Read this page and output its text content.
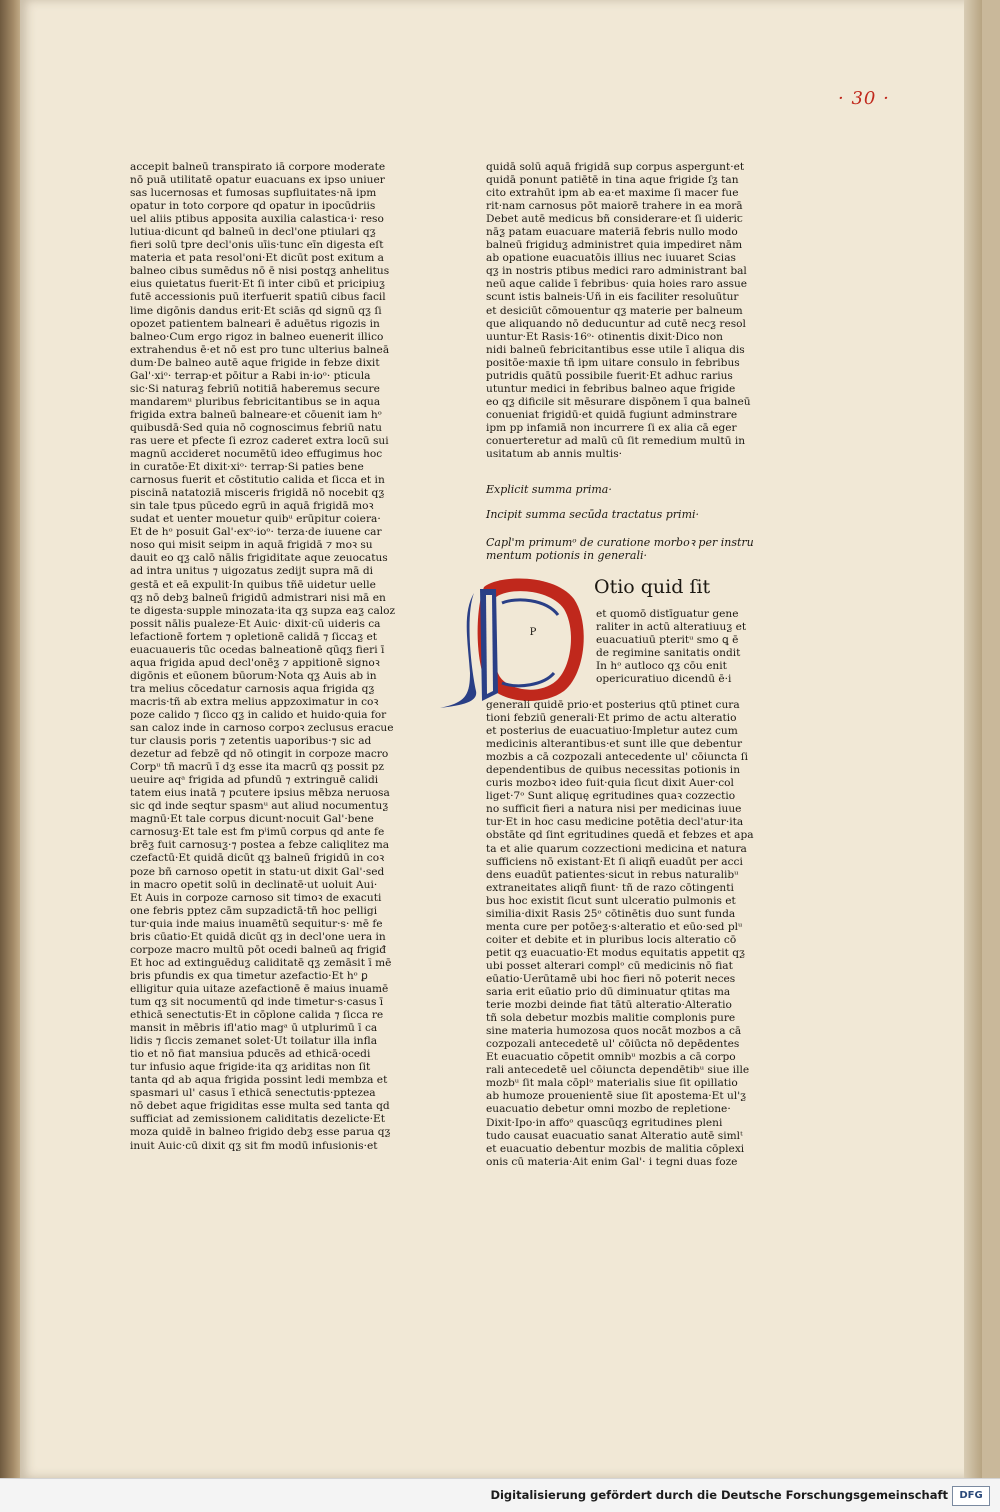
· 30 ·
accepit balneū transpirato iā corpore moderate
nō puā utilitatē opatur euacuans ex ipso uniuer
sas lucernosas et fumosas supfluitates·nā ipm
opatur in toto corpore qd opatur in ipocūdriis
uel aliis ptibus apposita auxilia calastica·i· reso
lutiua·dicunt qd balneū in decl'one ptiulari qƺ
fieri solū tpre decl'onis uīis·tunc eīn digesta eſt
materia et pata resol'oni·Et dicūt post exitum a
balneo cibus sumēdus nō ē nisi postqƺ anhelitus
eius quietatus fuerit·Et ſi inter cibū et pricipiuƺ
futē accessionis puū iterfuerit spatiū cibus facil
lime digōnis dandus erit·Et sciās qd signū qƺ ſi
opozet patientem balneari ē aduētus rigozis in
balneo·Cum ergo rigoz in balneo euenerit illico
extrahendus ē·et nō est pro tunc ulterius balneā
dum·De balneo autē aque frigide in febze dixit
Gal'·xiᵒ· terrap·et pōitur a Rabi in·ioᵒ· pticula
sic·Si naturaƺ febriū notitiā haberemus secure
mandaremᵘ pluribus febricitantibus se in aqua
frigida extra balneū balneare·et cōuenit iam hᵒ
quibusdā·Sed quia nō cognoscimus febriū natu
ras uere et pfecte ſi ezroz caderet extra locū sui
magnū accideret nocumētū ideo effugimus hoc
in curatōe·Et dixit·xiᵒ· terrap·Si paties bene
carnosus fuerit et cōstitutio calida et ſicca et in
piscinā natatoziā misceris frigidā nō nocebit qƺ
sin tale tpus pūcedo egrū in aquā frigidā moꝛ
sudat et uenter mouetur quibᵘ erūpitur coiera·
Et de hᵒ posuit Gal'·exᵒ·ioᵒ· terza·de iuuene car
noso qui misit seipm in aquā frigidā ⁊ moꝛ su
dauit eo qƺ calō nālis frigiditate aque zeuocatus
ad intra unitus ⁊ uigozatus zedijt supra mā di
gestā et eā expulit·In quibus tñē uidetur uelle
qƺ nō debƺ balneū frigidū admistrari nisi mā en
te digesta·supple minozata·ita qƺ supza eaƺ caloz
possit nālis pualeze·Et Auic· dixit·cū uideris ca
lefactionē fortem ⁊ opletionē calidā ⁊ ſiccaƺ et
euacuaueris tūc ocedas balneationē qūqƺ fieri ī
aqua frigida apud decl'onēƺ ⁊ appitionē signoꝛ
digōnis et eūonem būorum·Nota qƺ Auis ab in
tra melius cōcedatur carnosis aqua frigida qƺ
macris·tñ ab extra melius appzoximatur in coꝛ
poze calido ⁊ ſicco qƺ in calido et huido·quia for
san caloz inde in carnoso corpoꝛ zeclusus eracue
tur clausis poris ⁊ zetentis uaporibus·⁊ sic ad
dezetur ad febzē qd nō otingit in corpoze macro
Corpᵘ tñ macrū ī dƺ esse ita macrū qƺ possit pz
ueuire aqᵃ frigida ad pfundū ⁊ extringuē calidi
tatem eius inatā ⁊ pcutere ipsius mēbza neruosa
sic qd inde seqtur spasmᵘ aut aliud nocumentuƺ
magnū·Et tale corpus dicunt·nocuit Gal'·bene
carnosuƺ·Et tale est fm pⁱimū corpus qd ante fe
brēƺ fuit carnosuƺ·⁊ postea a febze caliqlitez ma
czefactū·Et quidā dicūt qƺ balneū frigidū in coꝛ
poze bñ carnoso opetit in statu·ut dixit Gal'·sed
in macro opetit solū in declinatē·ut uoluit Aui·
Et Auis in corpoze carnoso sit timoꝛ de exacuti
one febris pptez cām supzadictā·tñ hoc pelligi
tur·quia inde maius inuamētū sequitur·s· mē fe
bris cūatio·Et quidā dicūt qƺ in decl'one uera in
corpoze macro multū pōt ocedi balneū aq frigiđ
Et hoc ad extinguēduƺ caliditatē qƺ zemāsit ī mē
bris pfundis ex qua timetur azefactio·Et hᵒ ꝑ
elligitur quia uitaze azefactionē ē maius inuamē
tum qƺ sit nocumentū qd inde timetur·s·casus ī
ethicā senectutis·Et in cōplone calida ⁊ ſicca re
mansit in mēbris ifl'atio magᵃ ū utplurimū ī ca
lidis ⁊ ſiccis zemanet solet·Ut toilatur illa infla
tio et nō fiat mansiua pducēs ad ethicā·ocedi
tur infusio aque frigide·ita qƺ ariditas non ſit
tanta qd ab aqua frigida possint ledi membza et
spasmari ul' casus ī ethicā senectutis·pptezea
nō debet aque frigiditas esse multa sed tanta qd
sufficiat ad zemissionem caliditatis dezelicte·Et
moza quidē in balneo frigido debƺ esse parua qƺ
inuit Auic·cū dixit qƺ sit fm modū infusionis·et
quidā solū aquā frigidā sup corpus aspergunt·et
quidā ponunt patiētē in tina aque frigide ſƺ tan
cito extrahūt ipm ab ea·et maxime ſi macer fue
rit·nam carnosus pōt maiorē trahere in ea morā
Debet autē medicus bñ considerare·et ſi uideriꞇ
nāƺ patam euacuare materiā febris nullo modo
balneū frigiduƺ administret quia impediret nām
ab opatione euacuatōis illius nec iuuaret Scias
qƺ in nostris ptibus medici raro administrant bal
neū aque calide ī febribus· quia hoies raro assue
scunt istis balneis·Uñ in eis faciliter resoluūtur
et desiciūt cōmouentur qƺ materie per balneum
que aliquando nō deducuntur ad cutē necƺ resol
uuntur·Et Rasis·16ᵒ· otinentis dixit·Dico non
nidi balneū febricitantibus esse utile ī aliqua dis
positōe·maxie tñ ipm uitare consulo in febribus
putridis quātū possibile fuerit·Et adhuc rarius
utuntur medici in febribus balneo aque frigide
eo qƺ dificile sit mēsurare dispōnem ī qua balneū
conueniat frigidū·et quidā fugiunt adminstrare
ipm pp infamiā non incurrere ſi ex alia cā eger
conuerteretur ad malū cū ſit remedium multū in
usitatum ab annis multis·
Explicit summa prima·
Incipit summa secūda tractatus primi·
Capl'm primumᵒ de curatione morboꝛ per instru
mentum potionis in generali·
P
Otio quid ſit
et quomō distīguatur gene
raliter in actū alteratiuuƺ et
euacuatiuū pteritᵘ smo ꝗ ē
de regimine sanitatis ondit
In hᵒ autloco qƺ cōu enit
opericuratiuo dicendū ē·i
generali quidē prio·et posterius qtū ptinet cura
tioni febziū generali·Et primo de actu alteratio
et posterius de euacuatiuo·Impletur autez cum
medicinis alterantibus·et sunt ille que debentur
mozbis a cā cozpozali antecedente ul' cōiuncta ſi
dependentibus de quibus necessitas potionis in
curis mozboꝛ ideo fuit·quia ſicut dixit Auer·col
liget·7ᵒ Sunt aliquę egritudines quaꝛ cozzectio
no sufficit fieri a natura nisi per medicinas iuue
tur·Et in hoc casu medicine potētia decl'atur·ita
obstāte qd ſint egritudines quedā et febzes et apa
ta et alie quarum cozzectioni medicina et natura
sufficiens nō existant·Et ſi aliqñ euadūt per acci
dens euadūt patientes·sicut in rebus naturalibᵘ
extraneitates aliqñ fiunt· tñ de razo cōtingenti
bus hoc existit ſicut sunt ulceratio pulmonis et
similia·dixit Rasis 25ᵒ cōtinētis duo sunt funda
menta cure per potōeƺ·s·alteratio et eūo·sed plᵘ
coiter et debite et in pluribus locis alteratio cō
petit qƺ euacuatio·Et modus equitatis appetit qƺ
ubi posset alterari complᵒ cū medicinis nō fiat
eūatio·Uerūtamē ubi hoc fieri nō poterit neces
saria erit eūatio prio dū diminuatur qtitas ma
terie mozbi deinde fiat tātū alteratio·Alteratio
tñ sola debetur mozbis malitie complonis pure
sine materia humozosa quos nocāt mozbos a cā
cozpozali antecedetē ul' cōiūcta nō depēdentes
Et euacuatio cōpetit omnibᵘ mozbis a cā corpo
rali antecedetē uel cōiuncta dependētibᵘ siue ille
mozbᵘ ſit mala cōplᵒ materialis siue ſit opillatio
ab humoze prouenientē siue ſit apostema·Et ul'ƺ
euacuatio debetur omni mozbo de repletione·
Dixit·Ipo·in affoᵒ quascūqƺ egritudines pleni
tudo causat euacuatio sanat Alteratio autē simlᵗ
et euacuatio debentur mozbis de malitia cōplexi
onis cū materia·Ait enim Gal'· i tegni duas foze
Digitalisierung gefördert durch die Deutsche Forschungsgemeinschaft	DFG
